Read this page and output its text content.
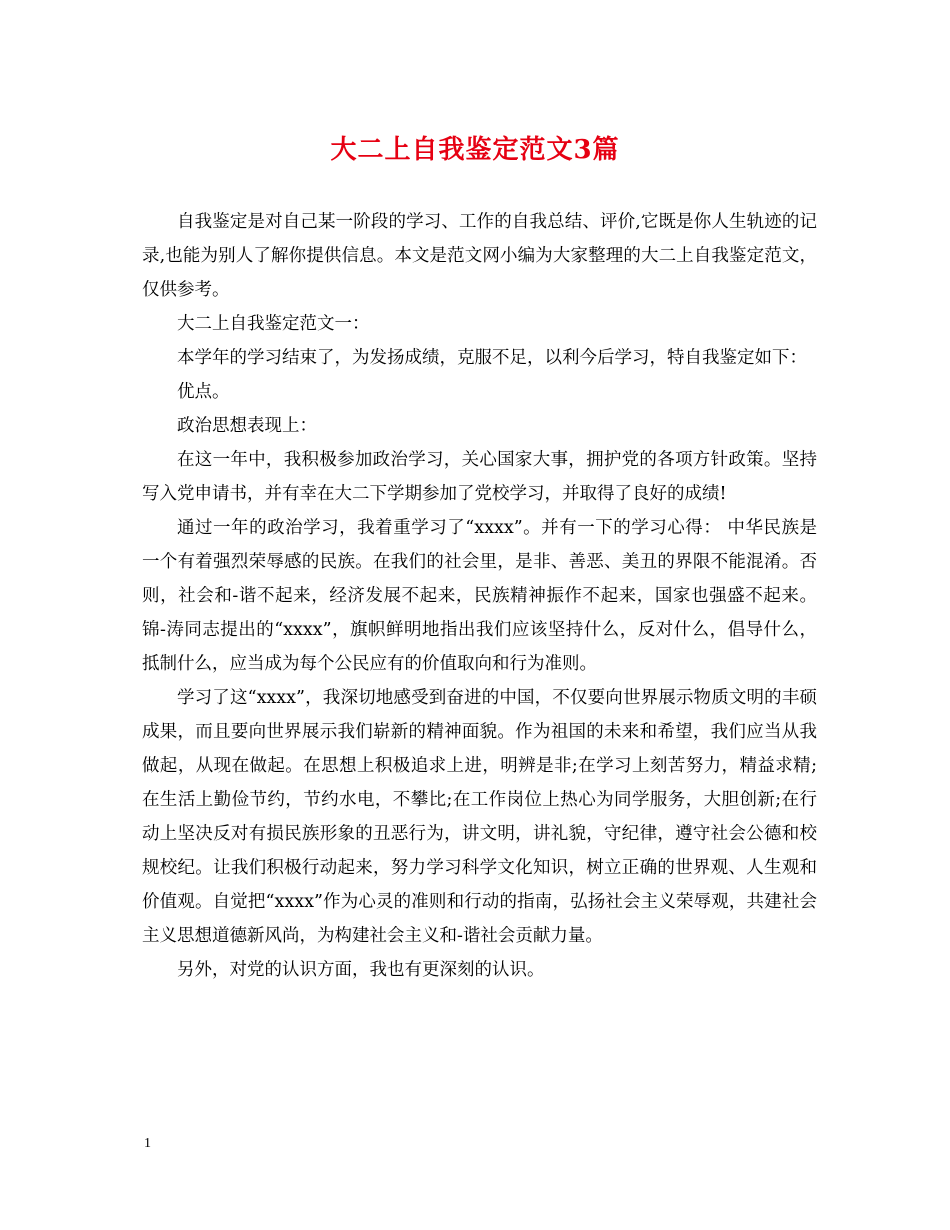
大二上自我鉴定范文3篇

自我鉴定是对自己某一阶段的学习、工作的自我总结、评价,它既是你人生轨迹的记录,也能为别人了解你提供信息。本文是范文网小编为大家整理的大二上自我鉴定范文，仅供参考。

大二上自我鉴定范文一：

本学年的学习结束了，为发扬成绩，克服不足，以利今后学习，特自我鉴定如下：

优点。

政治思想表现上：

在这一年中，我积极参加政治学习，关心国家大事，拥护党的各项方针政策。坚持写入党申请书，并有幸在大二下学期参加了党校学习，并取得了良好的成绩!

通过一年的政治学习，我着重学习了“xxxx”。并有一下的学习心得： 中华民族是一个有着强烈荣辱感的民族。在我们的社会里，是非、善恶、美丑的界限不能混淆。否则，社会和-谐不起来，经济发展不起来，民族精神振作不起来，国家也强盛不起来。锦-涛同志提出的“xxxx”，旗帜鲜明地指出我们应该坚持什么，反对什么，倡导什么，抵制什么，应当成为每个公民应有的价值取向和行为准则。

学习了这“xxxx”，我深切地感受到奋进的中国，不仅要向世界展示物质文明的丰硕成果，而且要向世界展示我们崭新的精神面貌。作为祖国的未来和希望，我们应当从我做起，从现在做起。在思想上积极追求上进，明辨是非;在学习上刻苦努力，精益求精;在生活上勤俭节约，节约水电，不攀比;在工作岗位上热心为同学服务，大胆创新;在行动上坚决反对有损民族形象的丑恶行为，讲文明，讲礼貌，守纪律，遵守社会公德和校规校纪。让我们积极行动起来，努力学习科学文化知识，树立正确的世界观、人生观和价值观。自觉把“xxxx”作为心灵的准则和行动的指南，弘扬社会主义荣辱观，共建社会主义思想道德新风尚，为构建社会主义和-谐社会贡献力量。

另外，对党的认识方面，我也有更深刻的认识。

1
